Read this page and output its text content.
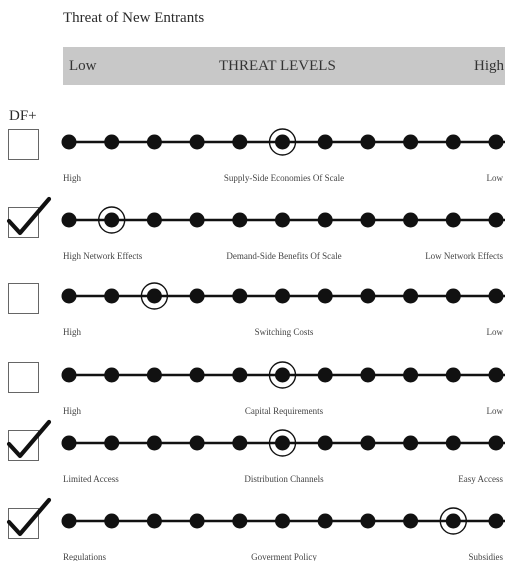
Threat of New Entrants
Low	THREAT LEVELS	High
DF+
High	Supply-Side Economies Of Scale	Low
High Network Effects	Demand-Side Benefits Of Scale	Low Network Effects
High	Switching Costs	Low
High	Capital Requirements	Low
Limited Access	Distribution Channels	Easy Access
Regulations	Goverment Policy	Subsidies
